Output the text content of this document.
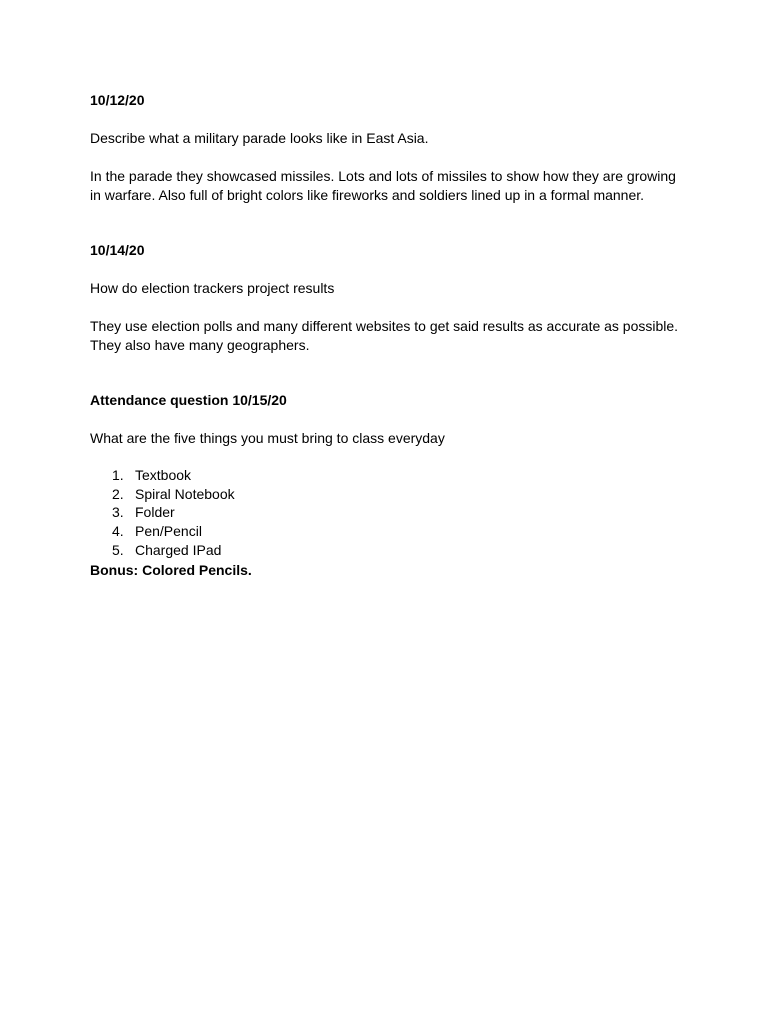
10/12/20

Describe what a military parade looks like in East Asia.

In the parade they showcased missiles. Lots and lots of missiles to show how they are growing

in warfare. Also full of bright colors like fireworks and soldiers lined up in a formal manner.

10/14/20

How do election trackers project results

They use election polls and many different websites to get said results as accurate as possible.

They also have many geographers.

Attendance question 10/15/20

What are the five things you must bring to class everyday

1. Textbook
2. Spiral Notebook
3. Folder
4. Pen/Pencil
5. Charged IPad

Bonus: Colored Pencils.
